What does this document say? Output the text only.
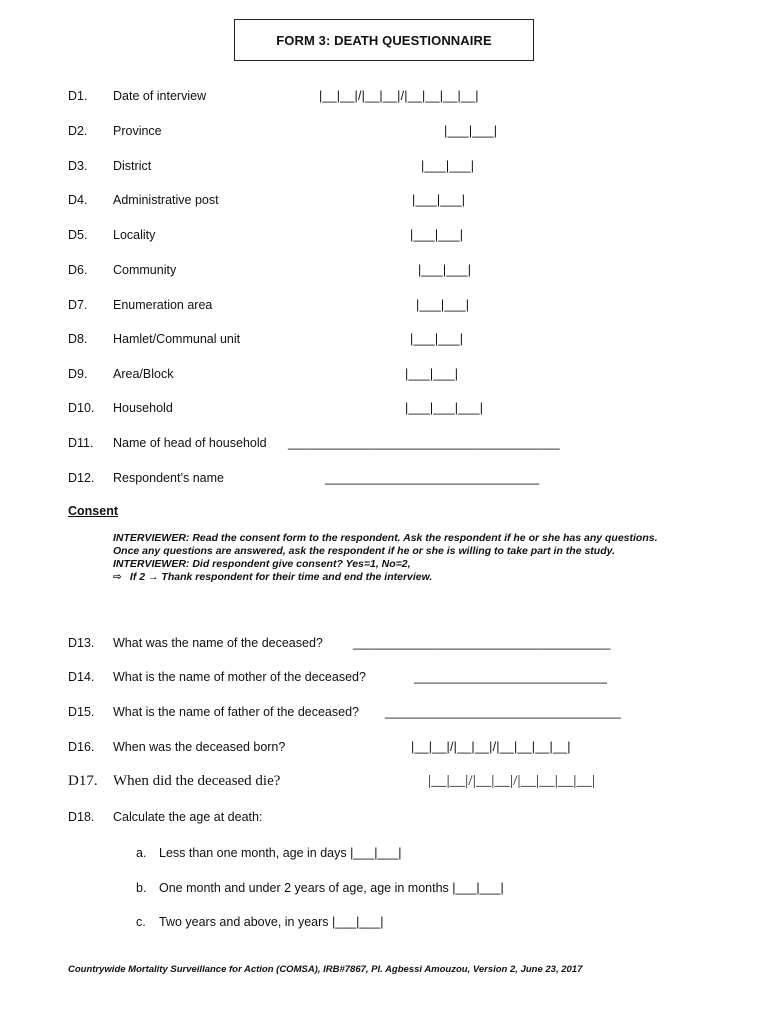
FORM 3: DEATH QUESTIONNAIRE
D1. Date of interview	|__|__|/|__|__|/|__|__|__|__|
D2. Province	|___|___|
D3. District	|___|___|
D4. Administrative post	|___|___|
D5. Locality	|___|___|
D6. Community	|___|___|
D7. Enumeration area	|___|___|
D8. Hamlet/Communal unit	|___|___|
D9. Area/Block	|___|___|
D10. Household	|___|___|___|
D11. Name of head of household ______________________________________
D12. Respondent’s name	______________________________
Consent
INTERVIEWER: Read the consent form to the respondent. Ask the respondent if he or she has any questions. Once any questions are answered, ask the respondent if he or she is willing to take part in the study.
INTERVIEWER: Did respondent give consent? Yes=1, No=2,
⇨ If 2 → Thank respondent for their time and end the interview.
D13. What was the name of the deceased? ____________________________________
D14. What is the name of mother of the deceased?	___________________________
D15. What is the name of father of the deceased? _________________________________
D16. When was the deceased born?	|__|__|/|__|__|/|__|__|__|__|
D17. When did the deceased die?	|__|__|/|__|__|/|__|__|__|__|
D18. Calculate the age at death:
a. Less than one month, age in days |___|___|
b. One month and under 2 years of age, age in months |___|___|
c. Two years and above, in years |___|___|
Countrywide Mortality Surveillance for Action (COMSA), IRB#7867, PI. Agbessi Amouzou, Version 2, June 23, 2017
